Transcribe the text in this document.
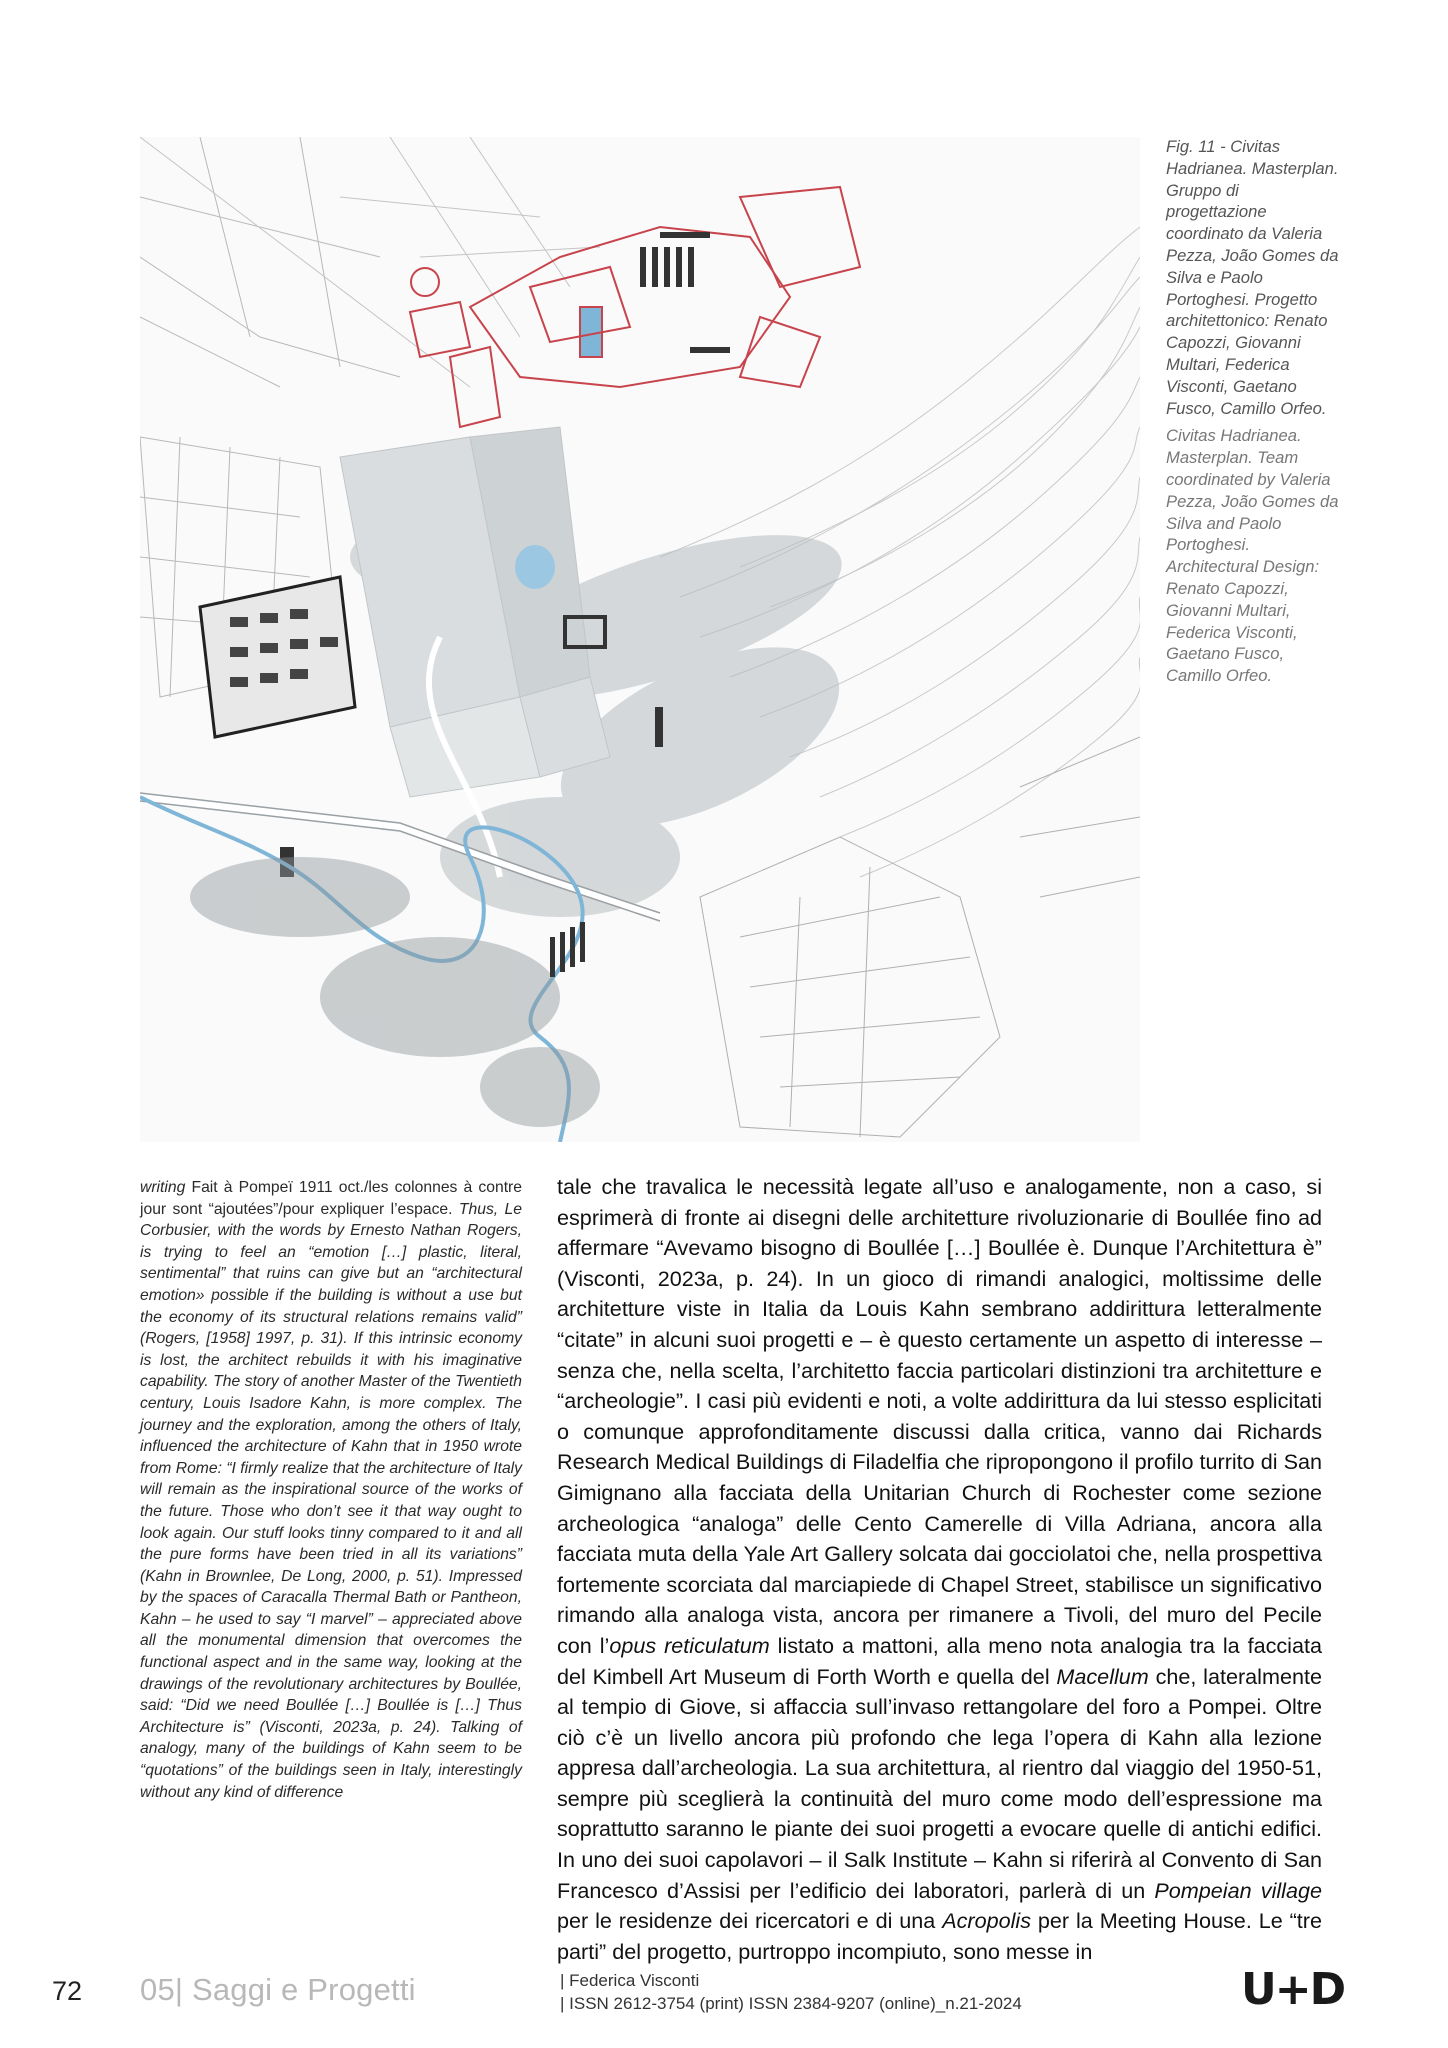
Fig. 11 - Civitas Hadrianea. Masterplan. Gruppo di progettazione coordinato da Valeria Pezza, João Gomes da Silva e Paolo Portoghesi. Progetto architettonico: Renato Capozzi, Giovanni Multari, Federica Visconti, Gaetano Fusco, Camillo Orfeo.
Civitas Hadrianea. Masterplan. Team coordinated by Valeria Pezza, João Gomes da Silva and Paolo Portoghesi. Architectural Design: Renato Capozzi, Giovanni Multari, Federica Visconti, Gaetano Fusco, Camillo Orfeo.
writing Fait à Pompeï 1911 oct./les colonnes à contre jour sont “ajoutées”/pour expliquer l’espace. Thus, Le Corbusier, with the words by Ernesto Nathan Rogers, is trying to feel an “emotion […] plastic, literal, sentimental” that ruins can give but an “architectural emotion» possible if the building is without a use but the economy of its structural relations remains valid” (Rogers, [1958] 1997, p. 31). If this intrinsic economy is lost, the architect rebuilds it with his imaginative capability. The story of another Master of the Twentieth century, Louis Isadore Kahn, is more complex. The journey and the exploration, among the others of Italy, influenced the architecture of Kahn that in 1950 wrote from Rome: “I firmly realize that the architecture of Italy will remain as the inspirational source of the works of the future. Those who don’t see it that way ought to look again. Our stuff looks tinny compared to it and all the pure forms have been tried in all its variations” (Kahn in Brownlee, De Long, 2000, p. 51). Impressed by the spaces of Caracalla Thermal Bath or Pantheon, Kahn – he used to say “I marvel” – appreciated above all the monumental dimension that overcomes the functional aspect and in the same way, looking at the drawings of the revolutionary architectures by Boullée, said: “Did we need Boullée […] Boullée is […] Thus Architecture is” (Visconti, 2023a, p. 24). Talking of analogy, many of the buildings of Kahn seem to be “quotations” of the buildings seen in Italy, interestingly without any kind of difference
tale che travalica le necessità legate all’uso e analogamente, non a caso, si esprimerà di fronte ai disegni delle architetture rivoluzionarie di Boullée fino ad affermare “Avevamo bisogno di Boullée […] Boullée è. Dunque l’Architettura è” (Visconti, 2023a, p. 24). In un gioco di rimandi analogici, moltissime delle architetture viste in Italia da Louis Kahn sembrano addirittura letteralmente “citate” in alcuni suoi progetti e – è questo certamente un aspetto di interesse – senza che, nella scelta, l’architetto faccia particolari distinzioni tra architetture e “archeologie”. I casi più evidenti e noti, a volte addirittura da lui stesso esplicitati o comunque approfonditamente discussi dalla critica, vanno dai Richards Research Medical Buildings di Filadelfia che ripropongono il profilo turrito di San Gimignano alla facciata della Unitarian Church di Rochester come sezione archeologica “analoga” delle Cento Camerelle di Villa Adriana, ancora alla facciata muta della Yale Art Gallery solcata dai gocciolatoi che, nella prospettiva fortemente scorciata dal marciapiede di Chapel Street, stabilisce un significativo rimando alla analoga vista, ancora per rimanere a Tivoli, del muro del Pecile con l’opus reticulatum listato a mattoni, alla meno nota analogia tra la facciata del Kimbell Art Museum di Forth Worth e quella del Macellum che, lateralmente al tempio di Giove, si affaccia sull’invaso rettangolare del foro a Pompei. Oltre ciò c’è un livello ancora più profondo che lega l’opera di Kahn alla lezione appresa dall’archeologia. La sua architettura, al rientro dal viaggio del 1950-51, sempre più sceglierà la continuità del muro come modo dell’espressione ma soprattutto saranno le piante dei suoi progetti a evocare quelle di antichi edifici. In uno dei suoi capolavori – il Salk Institute – Kahn si riferirà al Convento di San Francesco d’Assisi per l’edificio dei laboratori, parlerà di un Pompeian village per le residenze dei ricercatori e di una Acropolis per la Meeting House. Le “tre parti” del progetto, purtroppo incompiuto, sono messe in
72 05| Saggi e Progetti	| Federica Visconti
| ISSN 2612-3754 (print) ISSN 2384-9207 (online)_n.21-2024	U+D
